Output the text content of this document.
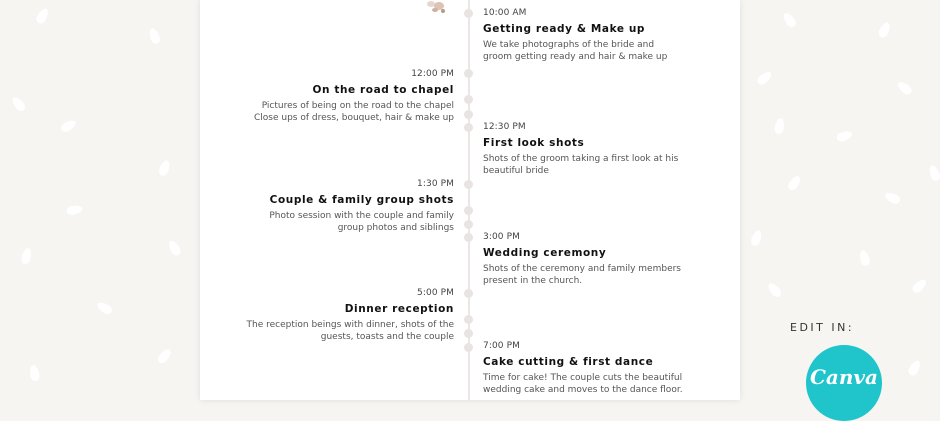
10:00 AM
Getting ready & Make up
We take photographs of the bride and groom getting ready and hair & make up
12:00 PM
On the road to chapel
Pictures of being on the road to the chapel Close ups of dress, bouquet, hair & make up
12:30 PM
First look shots
Shots of the groom taking a first look at his beautiful bride
1:30 PM
Couple & family group shots
Photo session with the couple and family group photos and siblings
3:00 PM
Wedding ceremony
Shots of the ceremony and family members present in the church.
5:00 PM
Dinner reception
The reception beings with dinner, shots of the guests, toasts and the couple
7:00 PM
Cake cutting & first dance
Time for cake! The couple cuts the beautiful wedding cake and moves to the dance floor.
EDIT IN:
Canva
